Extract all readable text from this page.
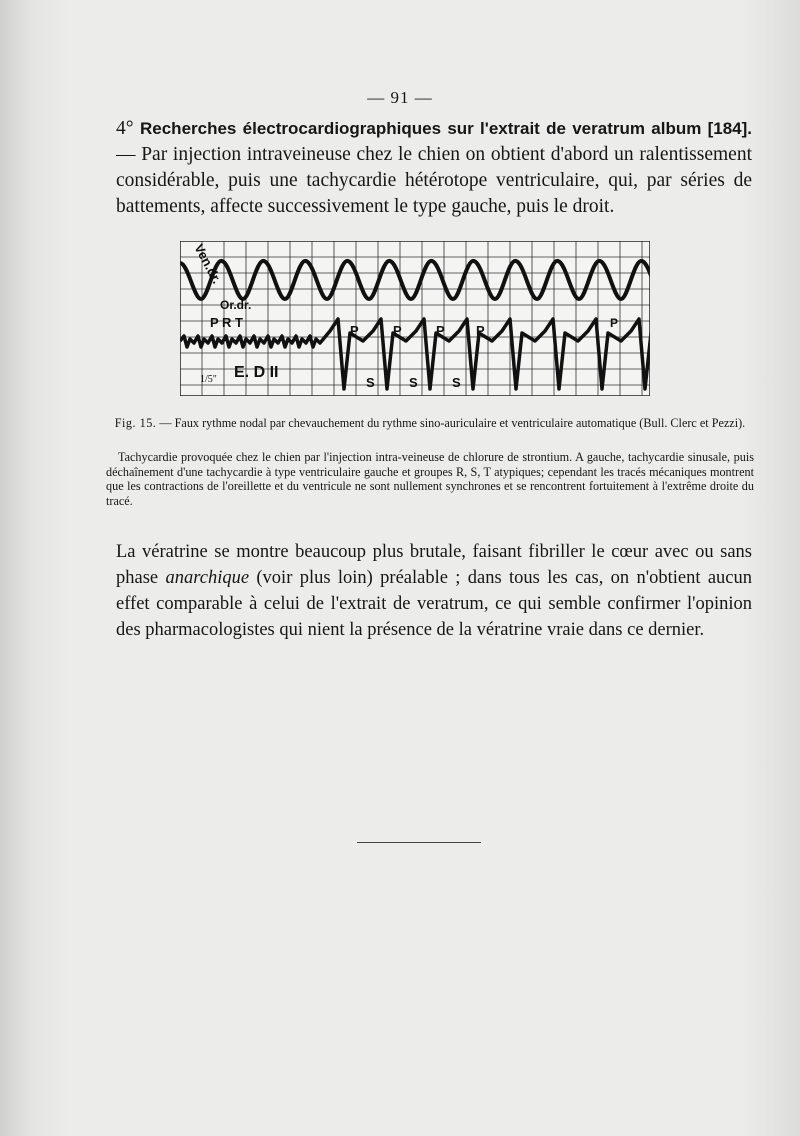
— 91 —
4° Recherches électrocardiographiques sur l'extrait de veratrum album [184]. — Par injection intraveineuse chez le chien on obtient d'abord un ralentissement considérable, puis une tachycardie hétérotope ventriculaire, qui, par séries de battements, affecte successivement le type gauche, puis le droit.
Ven.dr.
Or.dr.
P R T
1/5" E. D II
P	P	P P	P
S	S	S
Fig. 15. — Faux rythme nodal par chevauchement du rythme sino-auriculaire et ventriculaire automatique (Bull. Clerc et Pezzi).
Tachycardie provoquée chez le chien par l'injection intra-veineuse de chlorure de strontium. A gauche, tachycardie sinusale, puis déchaînement d'une tachycardie à type ventriculaire gauche et groupes R, S, T atypiques; cependant les tracés mécaniques montrent que les contractions de l'oreillette et du ventricule ne sont nullement synchrones et se rencontrent fortuitement à l'extrême droite du tracé.
La vératrine se montre beaucoup plus brutale, faisant fibriller le cœur avec ou sans phase anarchique (voir plus loin) préalable ; dans tous les cas, on n'obtient aucun effet comparable à celui de l'extrait de veratrum, ce qui semble confirmer l'opinion des pharmacologistes qui nient la présence de la vératrine vraie dans ce dernier.
